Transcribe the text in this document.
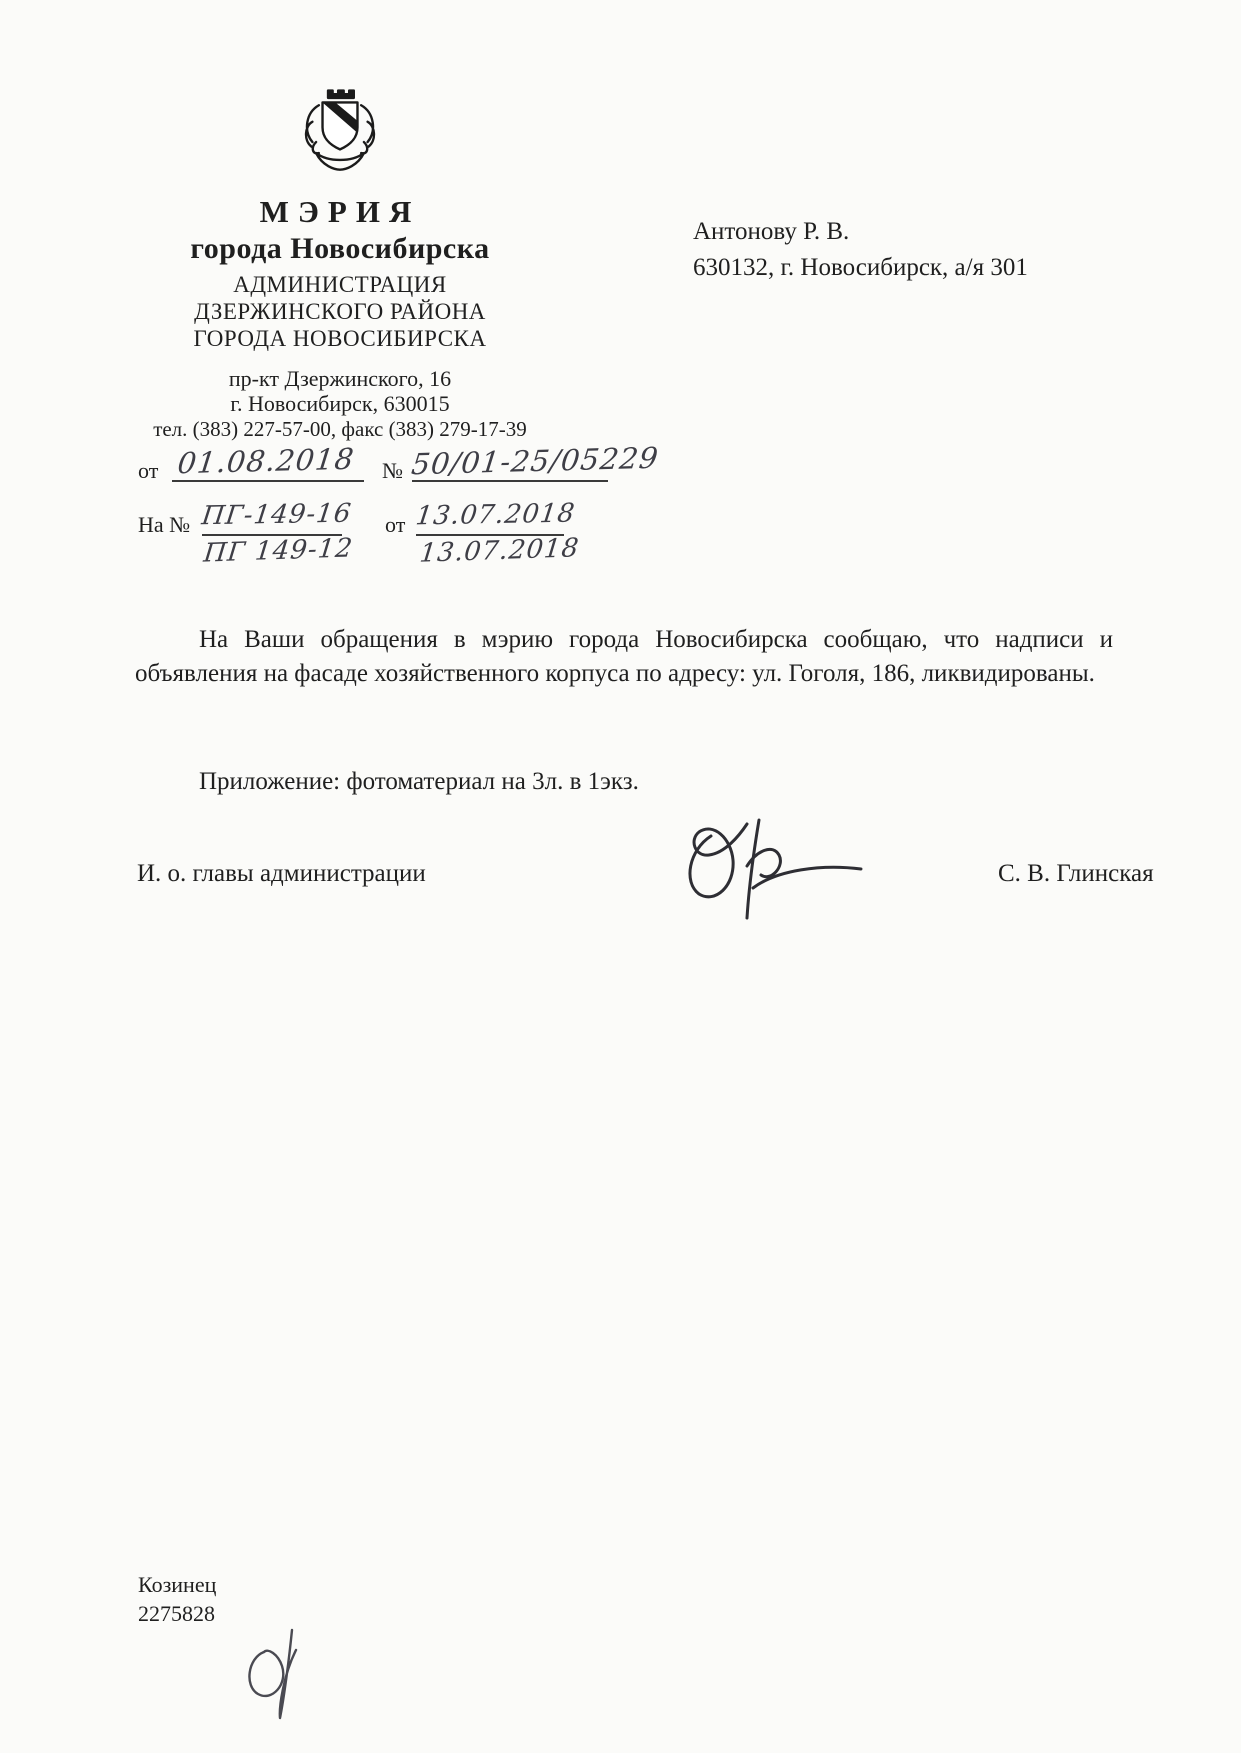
МЭРИЯ
города Новосибирска
АДМИНИСТРАЦИЯ
ДЗЕРЖИНСКОГО РАЙОНА
ГОРОДА НОВОСИБИРСКА
пр-кт Дзержинского, 16
г. Новосибирск, 630015
тел. (383) 227-57-00, факс (383) 279-17-39
от 01.08.2018	№ 50/01-25/05229
На № ПГ-149-16
ПГ 149-12
от 13.07.2018
13.07.2018
Антонову Р. В.
630132, г. Новосибирск, а/я 301

На Ваши обращения в мэрию города Новосибирска сообщаю, что надписи и объявления на фасаде хозяйственного корпуса по адресу: ул. Гоголя, 186, ликвидированы.

Приложение: фотоматериал на 3л. в 1экз.
И. о. главы администрации	С. В. Глинская
Козинец
2275828
